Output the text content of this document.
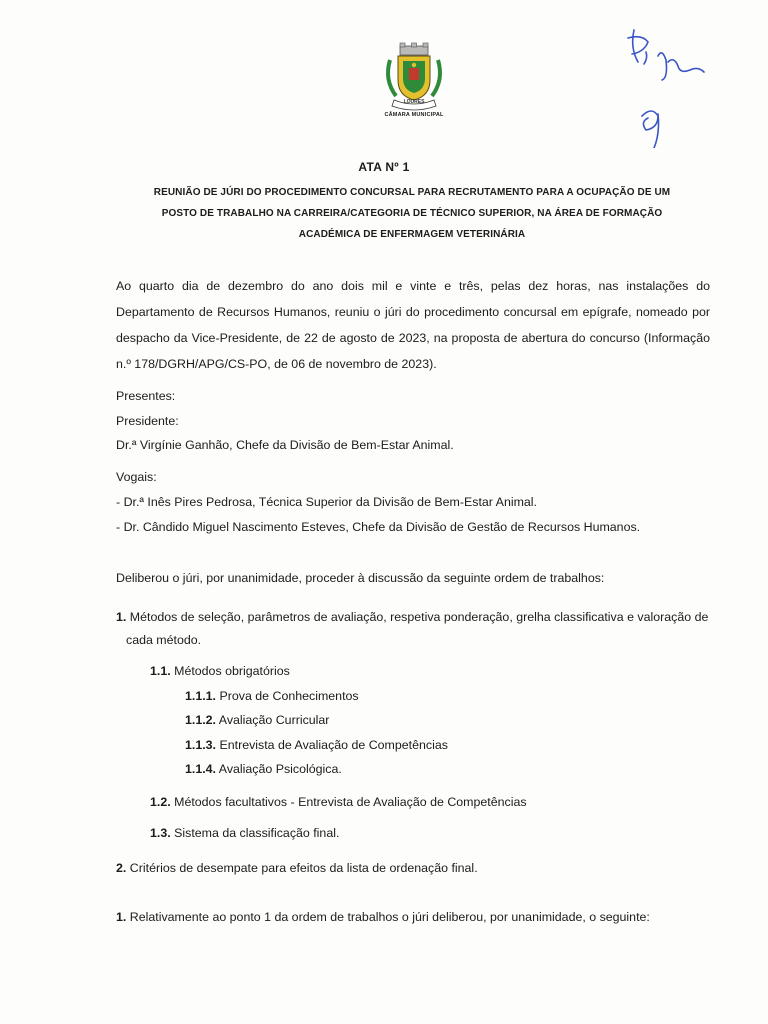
LOURES
CÂMARA MUNICIPAL
ATA Nº 1
REUNIÃO DE JÚRI DO PROCEDIMENTO CONCURSAL PARA RECRUTAMENTO PARA A OCUPAÇÃO DE UM
POSTO DE TRABALHO NA CARREIRA/CATEGORIA DE TÉCNICO SUPERIOR, NA ÁREA DE FORMAÇÃO
ACADÉMICA DE ENFERMAGEM VETERINÁRIA

Ao quarto dia de dezembro do ano dois mil e vinte e três, pelas dez horas, nas instalações do Departamento de Recursos Humanos, reuniu o júri do procedimento concursal em epígrafe, nomeado por despacho da Vice-Presidente, de 22 de agosto de 2023, na proposta de abertura do concurso (Informação n.º 178/DGRH/APG/CS-PO, de 06 de novembro de 2023).

Presentes:
Presidente:
Dr.ª Virgínie Ganhão, Chefe da Divisão de Bem-Estar Animal.
Vogais:
- Dr.ª Inês Pires Pedrosa, Técnica Superior da Divisão de Bem-Estar Animal.
- Dr. Cândido Miguel Nascimento Esteves, Chefe da Divisão de Gestão de Recursos Humanos.
Deliberou o júri, por unanimidade, proceder à discussão da seguinte ordem de trabalhos:

1. Métodos de seleção, parâmetros de avaliação, respetiva ponderação, grelha classificativa e valoração de cada método.

1.1. Métodos obrigatórios
1.1.1. Prova de Conhecimentos
1.1.2. Avaliação Curricular
1.1.3. Entrevista de Avaliação de Competências
1.1.4. Avaliação Psicológica.
1.2. Métodos facultativos - Entrevista de Avaliação de Competências
1.3. Sistema da classificação final.
2. Critérios de desempate para efeitos da lista de ordenação final.
1. Relativamente ao ponto 1 da ordem de trabalhos o júri deliberou, por unanimidade, o seguinte:
